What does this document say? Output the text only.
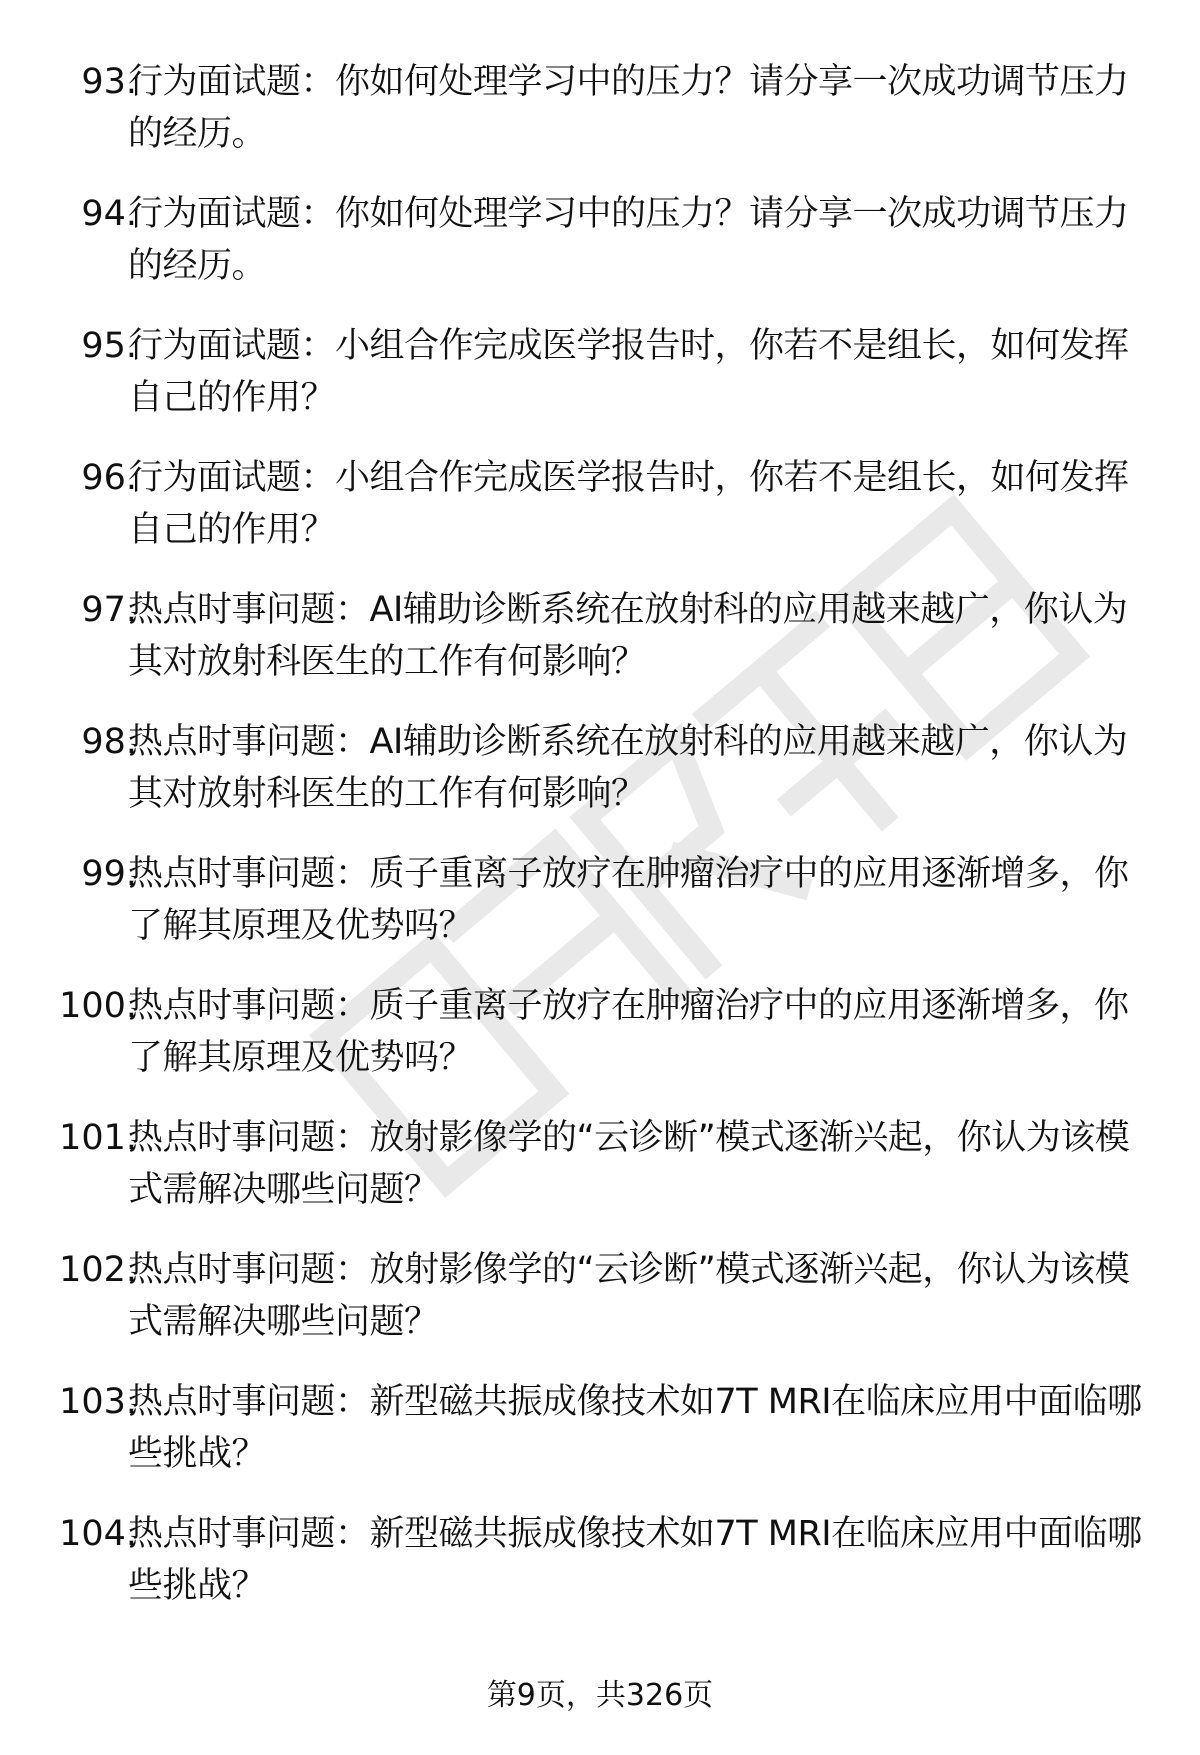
93.
行为面试题：你如何处理学习中的压力？请分享一次成功调节压力的经历。
94.
行为面试题：你如何处理学习中的压力？请分享一次成功调节压力的经历。
95.
行为面试题：小组合作完成医学报告时，你若不是组长，如何发挥自己的作用？
96.
行为面试题：小组合作完成医学报告时，你若不是组长，如何发挥自己的作用？
97.
热点时事问题：AI辅助诊断系统在放射科的应用越来越广，你认为其对放射科医生的工作有何影响？
98.
热点时事问题：AI辅助诊断系统在放射科的应用越来越广，你认为其对放射科医生的工作有何影响？
99.
热点时事问题：质子重离子放疗在肿瘤治疗中的应用逐渐增多，你了解其原理及优势吗？
100.
热点时事问题：质子重离子放疗在肿瘤治疗中的应用逐渐增多，你了解其原理及优势吗？
101.
热点时事问题：放射影像学的“云诊断”模式逐渐兴起，你认为该模式需解决哪些问题？
102.
热点时事问题：放射影像学的“云诊断”模式逐渐兴起，你认为该模式需解决哪些问题？
103.
热点时事问题：新型磁共振成像技术如7T MRI在临床应用中面临哪些挑战？
104.
热点时事问题：新型磁共振成像技术如7T MRI在临床应用中面临哪些挑战？
第9页，共326页
